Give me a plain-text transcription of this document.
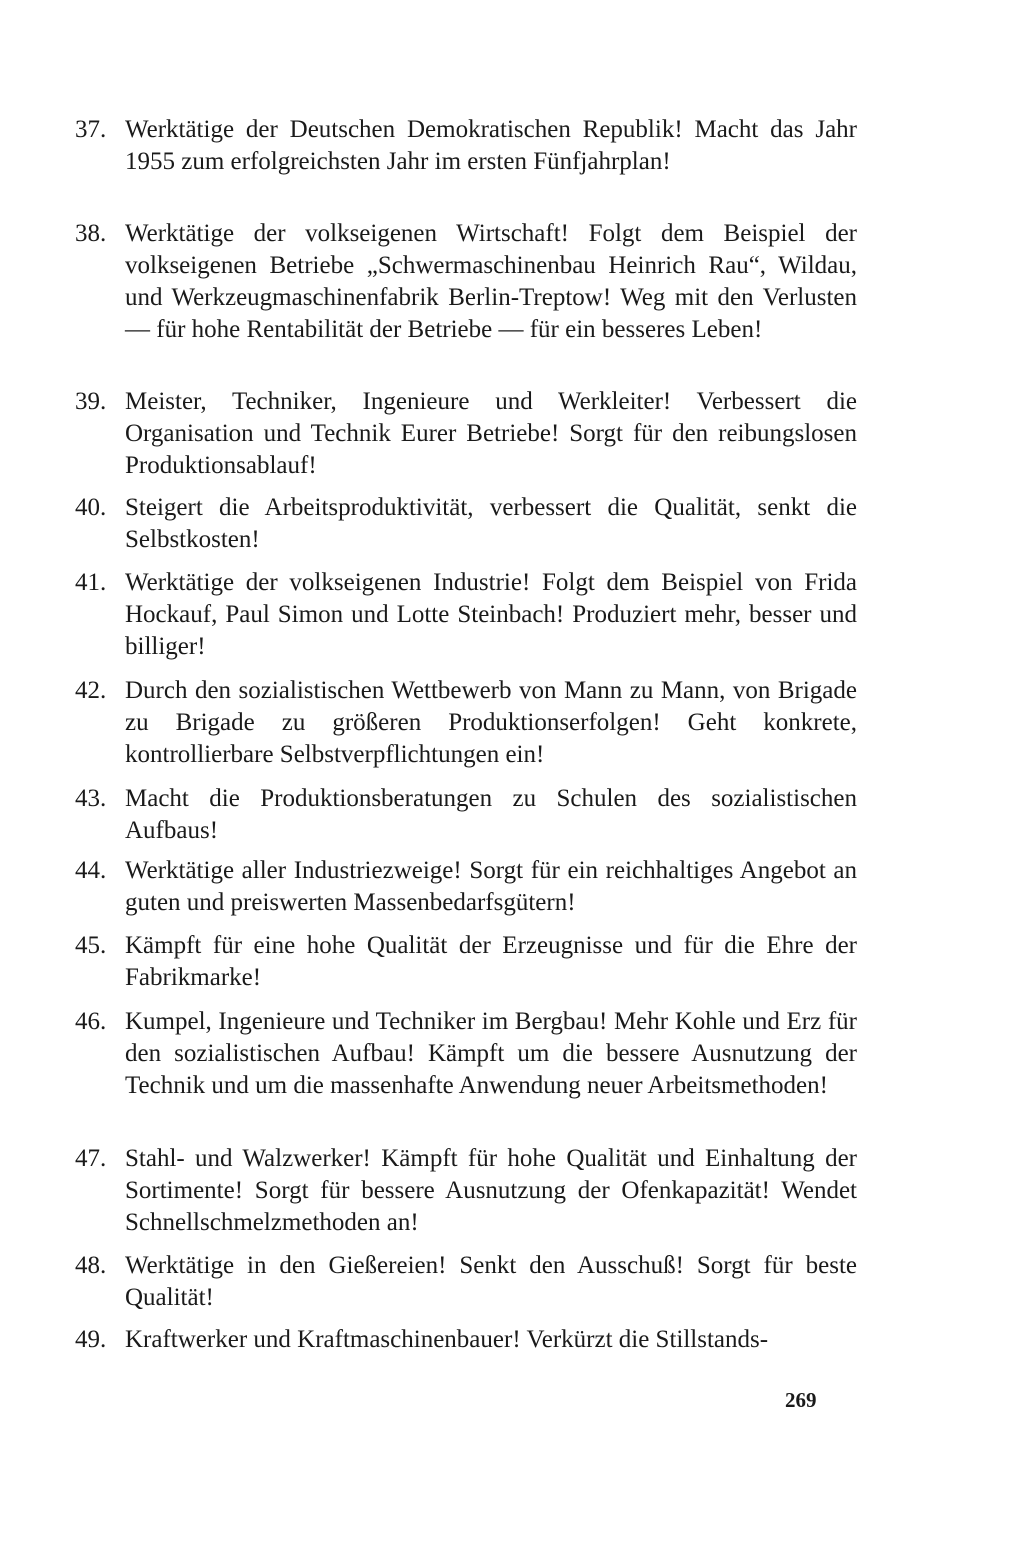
37. Werktätige der Deutschen Demokratischen Republik! Macht das Jahr 1955 zum erfolgreichsten Jahr im ersten Fünfjahrplan!
38. Werktätige der volkseigenen Wirtschaft! Folgt dem Beispiel der volkseigenen Betriebe „Schwermaschinenbau Heinrich Rau“, Wildau, und Werkzeugmaschinenfabrik Berlin-Treptow! Weg mit den Verlusten — für hohe Rentabilität der Betriebe — für ein besseres Leben!
39. Meister, Techniker, Ingenieure und Werkleiter! Verbessert die Organisation und Technik Eurer Betriebe! Sorgt für den reibungslosen Produktionsablauf!
40. Steigert die Arbeitsproduktivität, verbessert die Qualität, senkt die Selbstkosten!
41. Werktätige der volkseigenen Industrie! Folgt dem Beispiel von Frida Hockauf, Paul Simon und Lotte Steinbach! Produziert mehr, besser und billiger!
42. Durch den sozialistischen Wettbewerb von Mann zu Mann, von Brigade zu Brigade zu größeren Produktionserfolgen! Geht konkrete, kontrollierbare Selbstverpflichtungen ein!
43. Macht die Produktionsberatungen zu Schulen des sozialistischen Aufbaus!
44. Werktätige aller Industriezweige! Sorgt für ein reichhaltiges Angebot an guten und preiswerten Massenbedarfsgütern!
45. Kämpft für eine hohe Qualität der Erzeugnisse und für die Ehre der Fabrikmarke!
46. Kumpel, Ingenieure und Techniker im Bergbau! Mehr Kohle und Erz für den sozialistischen Aufbau! Kämpft um die bessere Ausnutzung der Technik und um die massenhafte Anwendung neuer Arbeitsmethoden!
47. Stahl- und Walzwerker! Kämpft für hohe Qualität und Einhaltung der Sortimente! Sorgt für bessere Ausnutzung der Ofenkapazität! Wendet Schnellschmelzmethoden an!
48. Werktätige in den Gießereien! Senkt den Ausschuß! Sorgt für beste Qualität!
49. Kraftwerker und Kraftmaschinenbauer! Verkürzt die Stillstands-
269
